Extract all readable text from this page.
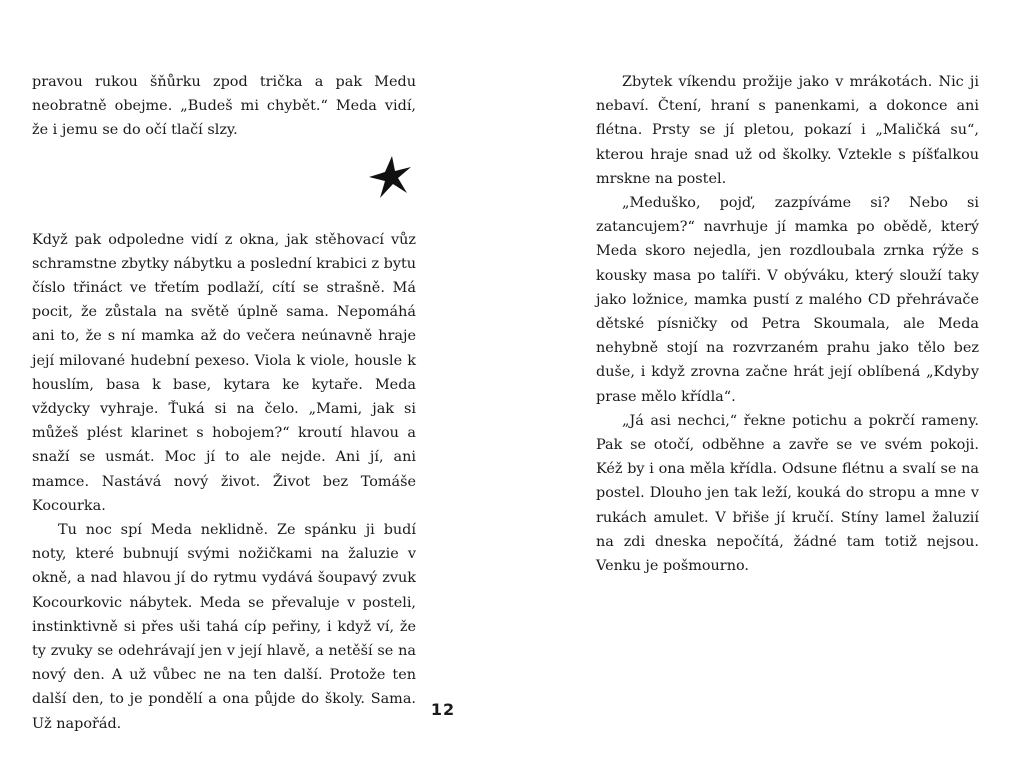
pravou rukou šňůrku zpod trička a pak Medu neobratně obejme. „Budeš mi chybět.“ Meda vidí, že i jemu se do očí tlačí slzy.

Když pak odpoledne vidí z okna, jak stěhovací vůz schramstne zbytky nábytku a poslední krabici z bytu číslo třináct ve třetím podlaží, cítí se strašně. Má pocit, že zůstala na světě úplně sama. Nepomáhá ani to, že s ní mamka až do večera neúnavně hraje její milované hudební pexeso. Viola k viole, housle k houslím, basa k base, kytara ke kytaře. Meda vždycky vyhraje. Ťuká si na čelo. „Mami, jak si můžeš plést klarinet s hobojem?“ kroutí hlavou a snaží se usmát. Moc jí to ale nejde. Ani jí, ani mamce. Nastává nový život. Život bez Tomáše Kocourka.

Tu noc spí Meda neklidně. Ze spánku ji budí noty, které bubnují svými nožičkami na žaluzie v okně, a nad hlavou jí do rytmu vydává šoupavý zvuk Kocourkovic nábytek. Meda se převaluje v posteli, instinktivně si přes uši tahá cíp peřiny, i když ví, že ty zvuky se odehrávají jen v její hlavě, a netěší se na nový den. A už vůbec ne na ten další. Protože ten další den, to je pondělí a ona půjde do školy. Sama. Už napořád.

Zbytek víkendu prožije jako v mrákotách. Nic ji nebaví. Čtení, hraní s panenkami, a dokonce ani flétna. Prsty se jí pletou, pokazí i „Maličká su“, kterou hraje snad už od školky. Vztekle s píšťalkou mrskne na postel.

„Meduško, pojď, zazpíváme si? Nebo si zatancujem?“ navrhuje jí mamka po obědě, který Meda skoro nejedla, jen rozdloubala zrnka rýže s kousky masa po talíři. V obýváku, který slouží taky jako ložnice, mamka pustí z malého CD přehrávače dětské písničky od Petra Skoumala, ale Meda nehybně stojí na rozvrzaném prahu jako tělo bez duše, i když zrovna začne hrát její oblíbená „Kdyby prase mělo křídla“.

„Já asi nechci,“ řekne potichu a pokrčí rameny. Pak se otočí, odběhne a zavře se ve svém pokoji. Kéž by i ona měla křídla. Odsune flétnu a svalí se na postel. Dlouho jen tak leží, kouká do stropu a mne v rukách amulet. V břiše jí kručí. Stíny lamel žaluzií na zdi dneska nepočítá, žádné tam totiž nejsou. Venku je pošmourno.

12
